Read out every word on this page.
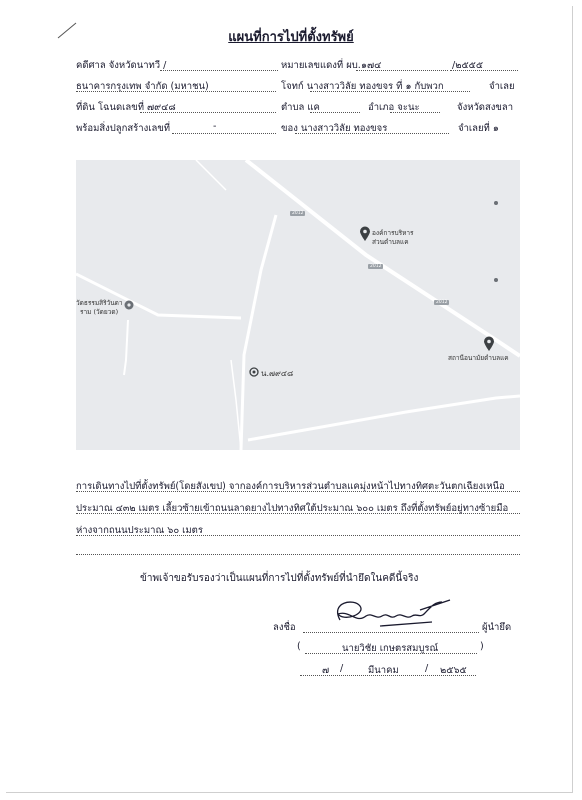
แผนที่การไปที่ตั้งทรัพย์
คดีศาล จังหวัดนาทวี /	หมายเลขแดงที่ ผบ. ๑๗๔	/๒๕๕๕
ธนาคารกรุงเทพ จำกัด (มหาชน)	โจทก์ นางสาววิลัย ทองขจร ที่ ๑ กับพวก	จำเลย
ที่ดิน โฉนดเลขที่ ๗๙๔๘	ตำบล แค	อำเภอ จะนะ	จังหวัดสงขลา
พร้อมสิ่งปลูกสร้างเลขที่	-	ของ นางสาววิลัย ทองขจร	จำเลยที่ ๑
2012
2012
2012
องค์การบริหาร
ส่วนตำบลแค
วัดธรรมสิริวันดา
ราม (วัดยวด)
สถานีอนามัยตำบลแค
น.๗๙๔๘
การเดินทางไปที่ตั้งทรัพย์(โดยสังเขป) จากองค์การบริหารส่วนตำบลแคมุ่งหน้าไปทางทิศตะวันตกเฉียงเหนือ
ประมาณ ๔๓๒ เมตร เลี้ยวซ้ายเข้าถนนลาดยางไปทางทิศใต้ประมาณ ๖๐๐ เมตร ถึงที่ตั้งทรัพย์อยู่ทางซ้ายมือ
ห่างจากถนนประมาณ ๖๐ เมตร
ข้าพเจ้าขอรับรองว่าเป็นแผนที่การไปที่ตั้งทรัพย์ที่นำยึดในคดีนี้จริง
ลงชื่อ	ผู้นำยึด
(	นายวิชัย เกษตรสมบูรณ์	)
๗ /	มีนาคม	/ ๒๕๖๕
